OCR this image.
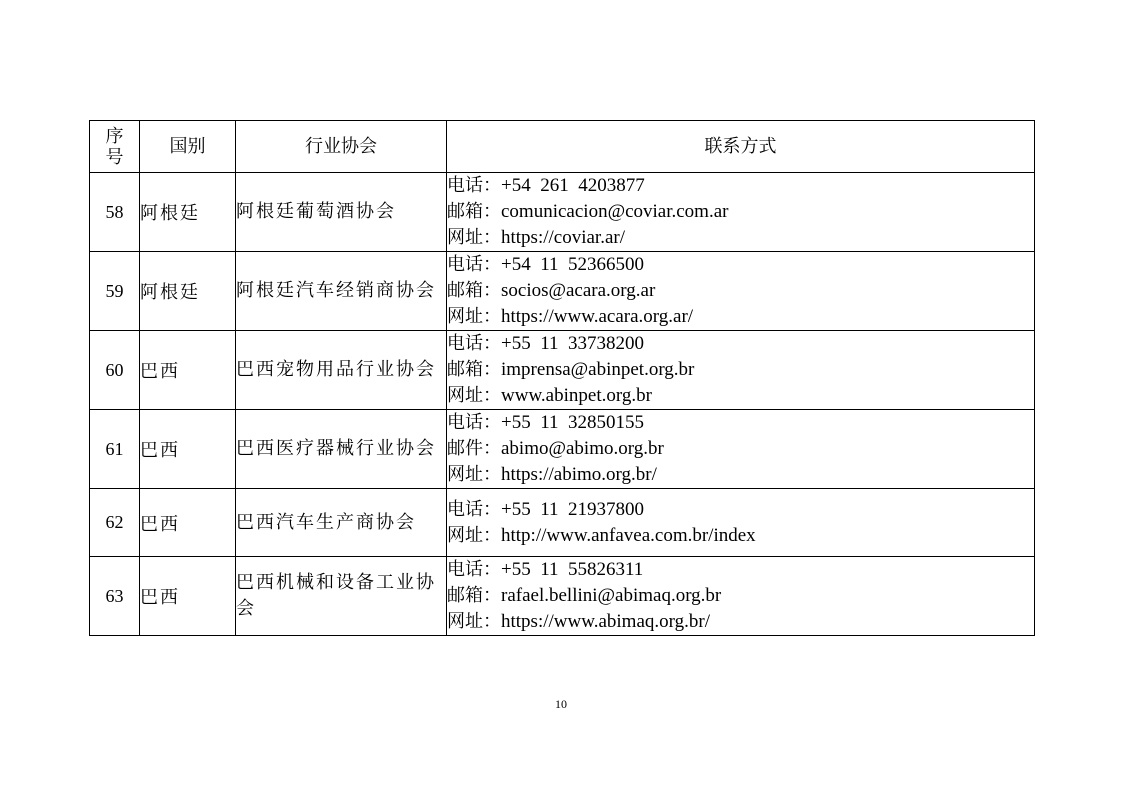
序
号	国别	行业协会	联系方式
58	阿根廷	阿根廷葡萄酒协会	电话：+54  261  4203877
邮箱：comunicacion@coviar.com.ar
网址：https://coviar.ar/

59	阿根廷	阿根廷汽车经销商协会	电话：+54  11  52366500
邮箱：socios@acara.org.ar
网址：https://www.acara.org.ar/

60	巴西	巴西宠物用品行业协会	电话：+55  11  33738200
邮箱：imprensa@abinpet.org.br
网址：www.abinpet.org.br

61	巴西	巴西医疗器械行业协会	电话：+55  11  32850155
邮件：abimo@abimo.org.br
网址：https://abimo.org.br/

62	巴西	巴西汽车生产商协会	电话：+55  11  21937800
网址：http://www.anfavea.com.br/index

63	巴西	巴西机械和设备工业协会	电话：+55  11  55826311
邮箱：rafael.bellini@abimaq.org.br
网址：https://www.abimaq.org.br/
10
